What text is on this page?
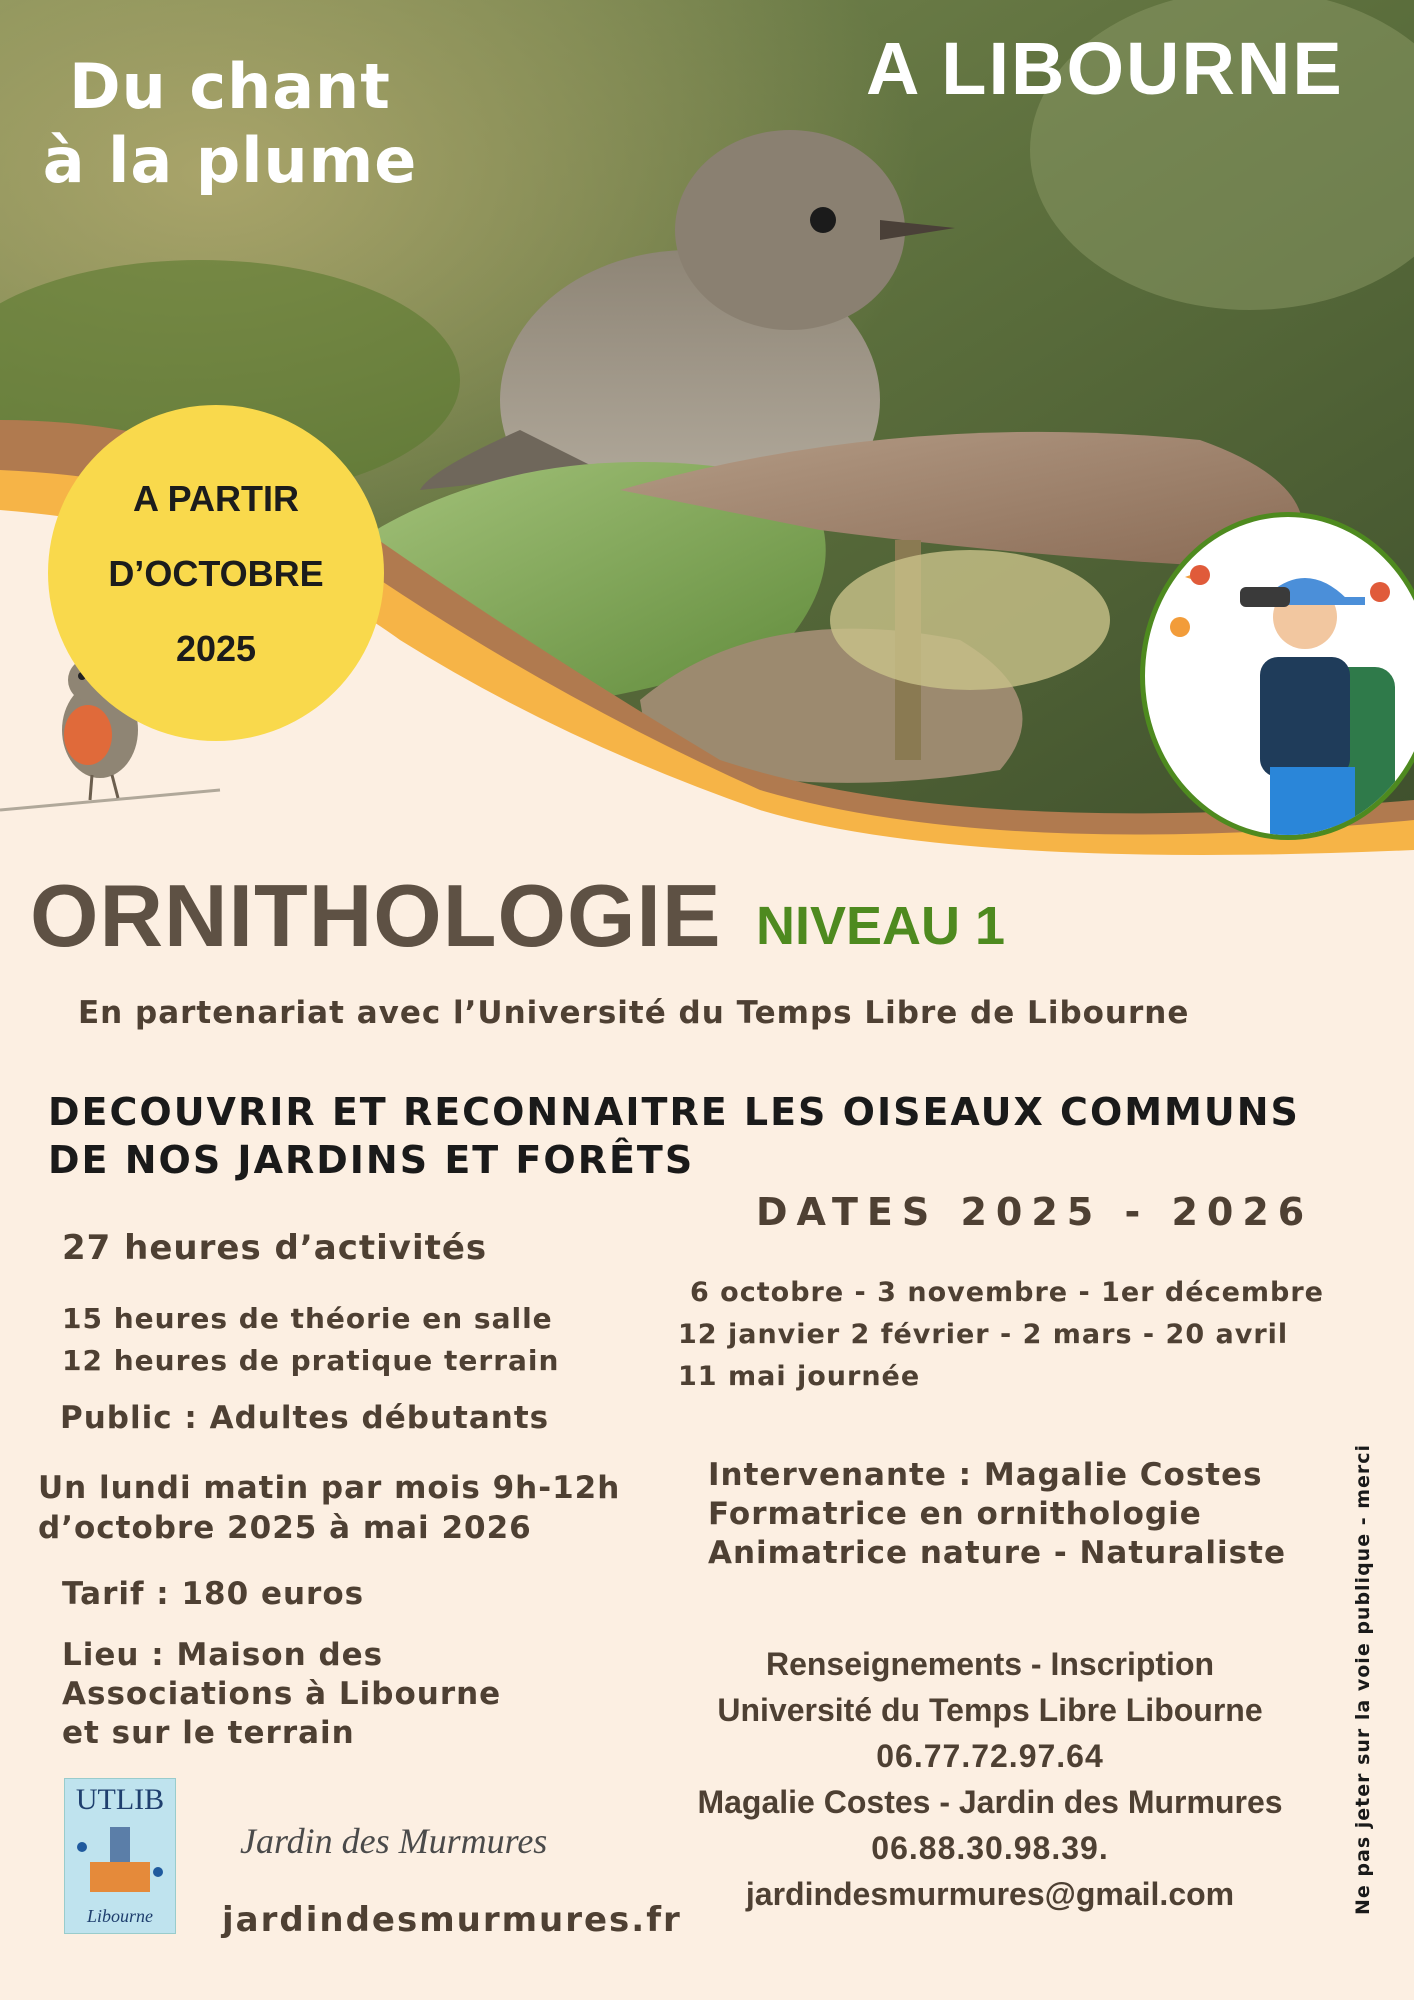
Du chant
à la plume
A LIBOURNE
A PARTIR
D’OCTOBRE
2025
ORNITHOLOGIE NIVEAU 1
En partenariat avec l’Université du Temps Libre de Libourne
DECOUVRIR ET RECONNAITRE LES OISEAUX COMMUNS
DE NOS JARDINS ET FORÊTS
DATES 2025 - 2026
27 heures d’activités
15 heures de théorie en salle
12 heures de pratique terrain
Public : Adultes débutants
Un lundi matin par mois 9h-12h
d’octobre 2025 à mai 2026
Tarif : 180 euros
Lieu : Maison des
Associations à Libourne
et sur le terrain
6 octobre - 3 novembre - 1er décembre
12 janvier 2 février - 2 mars - 20 avril
11 mai journée
Intervenante : Magalie Costes
Formatrice en ornithologie
Animatrice nature - Naturaliste
Renseignements - Inscription
Université du Temps Libre Libourne
06.77.72.97.64
Magalie Costes - Jardin des Murmures
06.88.30.98.39.
jardindesmurmures@gmail.com
UTLIB
Libourne
Jardin des Murmures
jardindesmurmures.fr
Ne pas jeter sur la voie publique - merci
